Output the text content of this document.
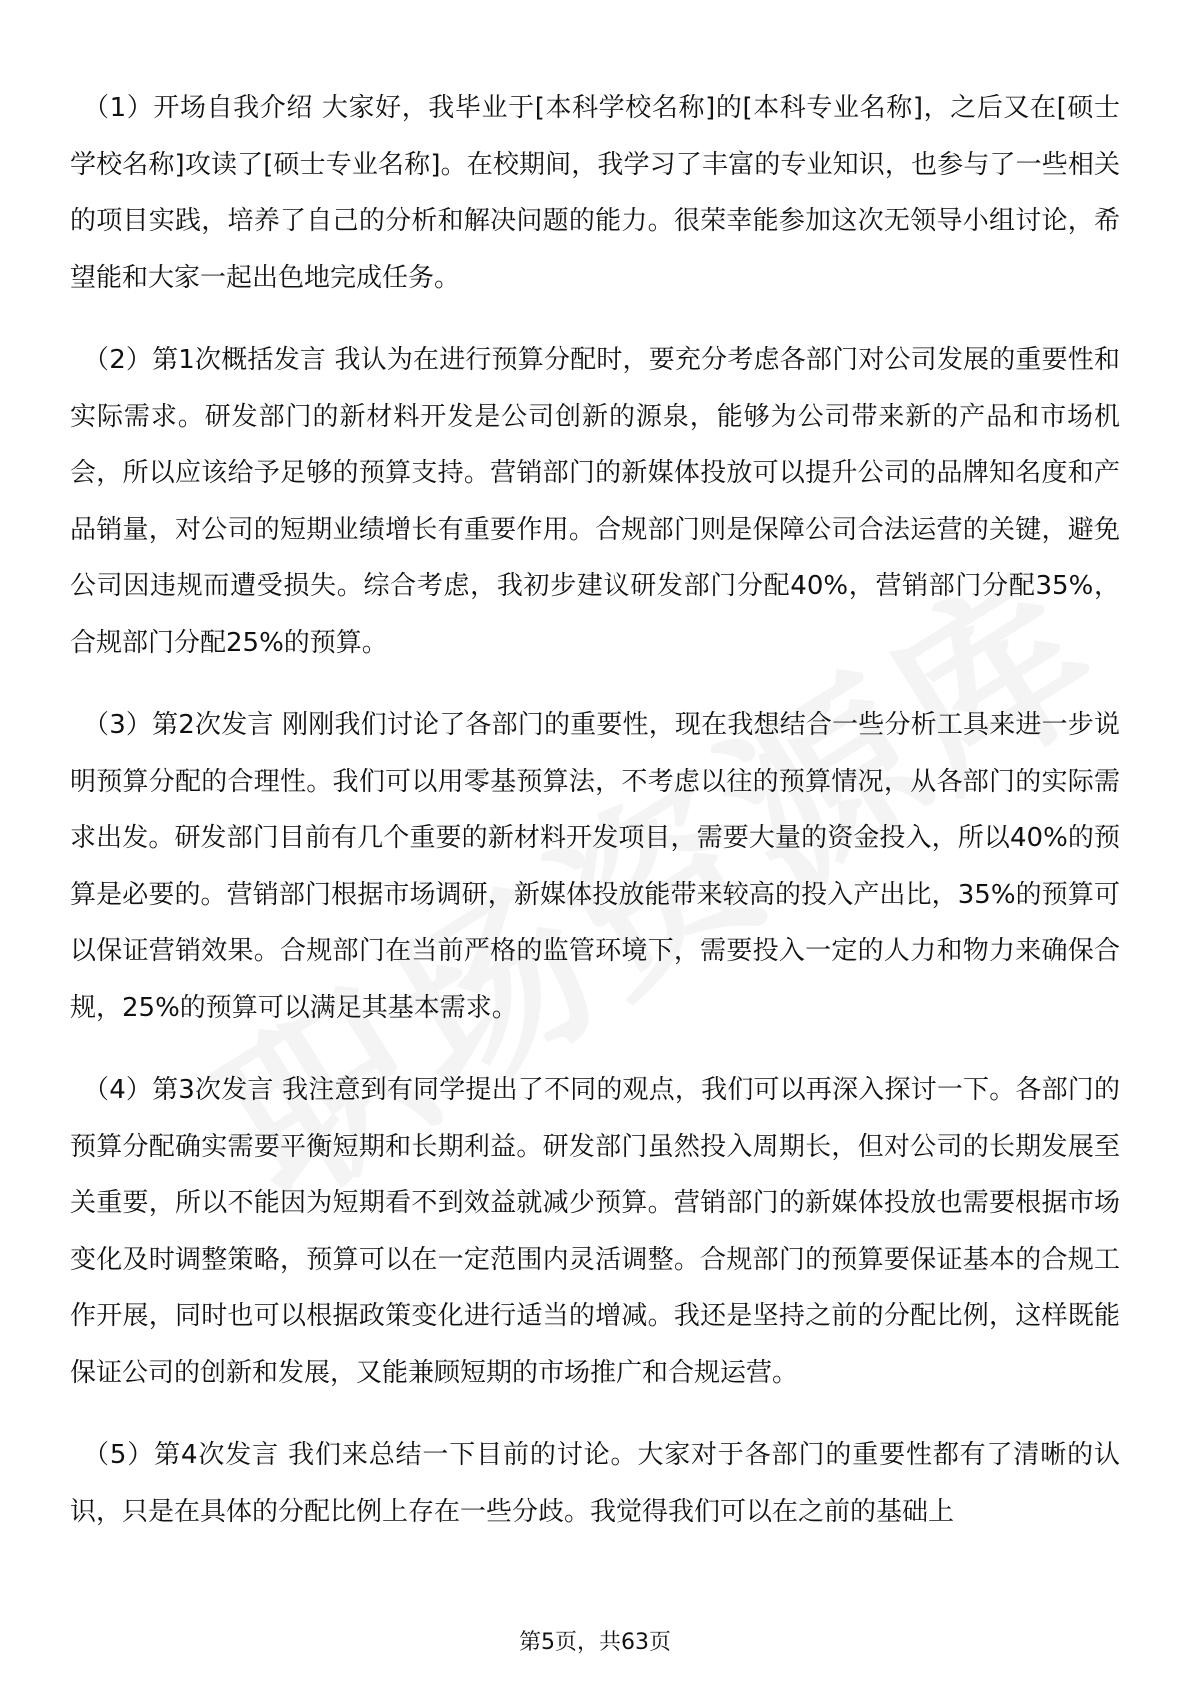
（1）开场自我介绍 大家好，我毕业于[本科学校名称]的[本科专业名称]，之后又在[硕士学校名称]攻读了[硕士专业名称]。在校期间，我学习了丰富的专业知识，也参与了一些相关的项目实践，培养了自己的分析和解决问题的能力。很荣幸能参加这次无领导小组讨论，希望能和大家一起出色地完成任务。

（2）第1次概括发言 我认为在进行预算分配时，要充分考虑各部门对公司发展的重要性和实际需求。研发部门的新材料开发是公司创新的源泉，能够为公司带来新的产品和市场机会，所以应该给予足够的预算支持。营销部门的新媒体投放可以提升公司的品牌知名度和产品销量，对公司的短期业绩增长有重要作用。合规部门则是保障公司合法运营的关键，避免公司因违规而遭受损失。综合考虑，我初步建议研发部门分配40%，营销部门分配35%，合规部门分配25%的预算。

（3）第2次发言 刚刚我们讨论了各部门的重要性，现在我想结合一些分析工具来进一步说明预算分配的合理性。我们可以用零基预算法，不考虑以往的预算情况，从各部门的实际需求出发。研发部门目前有几个重要的新材料开发项目，需要大量的资金投入，所以40%的预算是必要的。营销部门根据市场调研，新媒体投放能带来较高的投入产出比，35%的预算可以保证营销效果。合规部门在当前严格的监管环境下，需要投入一定的人力和物力来确保合规，25%的预算可以满足其基本需求。

（4）第3次发言 我注意到有同学提出了不同的观点，我们可以再深入探讨一下。各部门的预算分配确实需要平衡短期和长期利益。研发部门虽然投入周期长，但对公司的长期发展至关重要，所以不能因为短期看不到效益就减少预算。营销部门的新媒体投放也需要根据市场变化及时调整策略，预算可以在一定范围内灵活调整。合规部门的预算要保证基本的合规工作开展，同时也可以根据政策变化进行适当的增减。我还是坚持之前的分配比例，这样既能保证公司的创新和发展，又能兼顾短期的市场推广和合规运营。

（5）第4次发言 我们来总结一下目前的讨论。大家对于各部门的重要性都有了清晰的认识，只是在具体的分配比例上存在一些分歧。我觉得我们可以在之前的基础上

第5页，共63页
